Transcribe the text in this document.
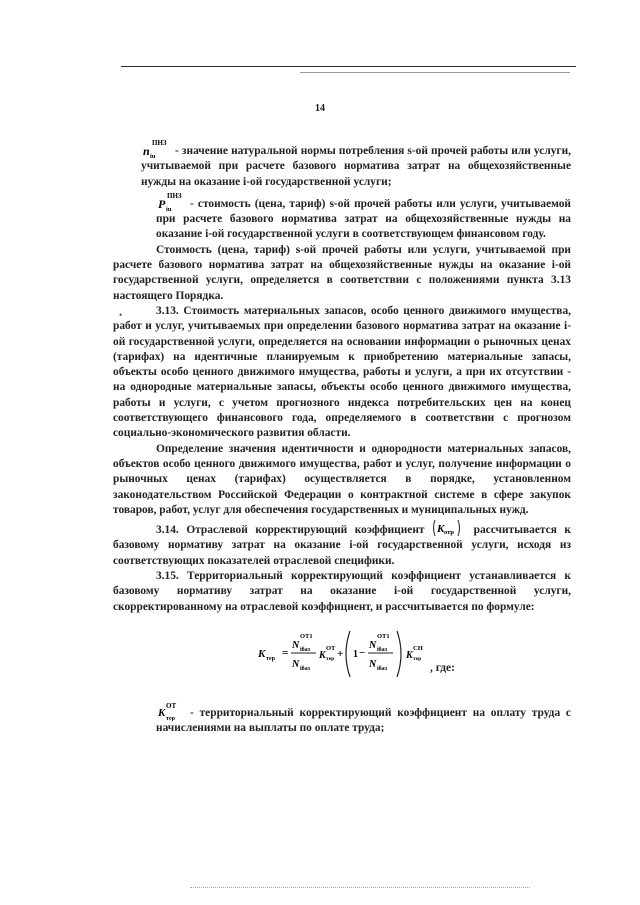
14

n iu
ПНЗ
- значение натуральной нормы потребления s-ой прочей работы или услуги, учитываемой при расчете базового норматива затрат на общехозяйственные нужды на оказание i-ой государственной услуги;

P iu
ПНЗ
- стоимость (цена, тариф) s-ой прочей работы или услуги, учитываемой при расчете базового норматива затрат на общехозяйственные нужды на оказание i-ой государственной услуги в соответствующем финансовом году.

Стоимость (цена, тариф) s-ой прочей работы или услуги, учитываемой при расчете базового норматива затрат на общехозяйственные нужды на оказание i-ой государственной услуги, определяется в соответствии с положениями пункта 3.13 настоящего Порядка.

3.13. Стоимость материальных запасов, особо ценного движимого имущества, работ и услуг, учитываемых при определении базового норматива затрат на оказание i-ой государственной услуги, определяется на основании информации о рыночных ценах (тарифах) на идентичные планируемым к приобретению материальные запасы, объекты особо ценного движимого имущества, работы и услуги, а при их отсутствии - на однородные материальные запасы, объекты особо ценного движимого имущества, работы и услуги, с учетом прогнозного индекса потребительских цен на конец соответствующего финансового года, определяемого в соответствии с прогнозом социально-экономического развития области.

Определение значения идентичности и однородности материальных запасов, объектов особо ценного движимого имущества, работ и услуг, получение информации о рыночных ценах (тарифах) осуществляется в порядке, установленном законодательством Российской Федерации о контрактной системе в сфере закупок товаров, работ, услуг для обеспечения государственных и муниципальных нужд.

3.14. Отраслевой корректирующий коэффициент K отр рассчитывается к базовому нормативу затрат на оказание i-ой государственной услуги, исходя из соответствующих показателей отраслевой специфики.

3.15. Территориальный корректирующий коэффициент устанавливается к базовому нормативу затрат на оказание i-ой государственной услуги, скорректированному на отраслевой коэффициент, и рассчитывается по формуле:

K тер =
N iбаз
ОТ1
N iбаз
K тер
ОТ + 1 −
N iбаз
ОТ1
N iбаз
K тер
СН
, где:

K тер
ОТ
- территориальный корректирующий коэффициент на оплату труда с начислениями на выплаты по оплате труда;

•
